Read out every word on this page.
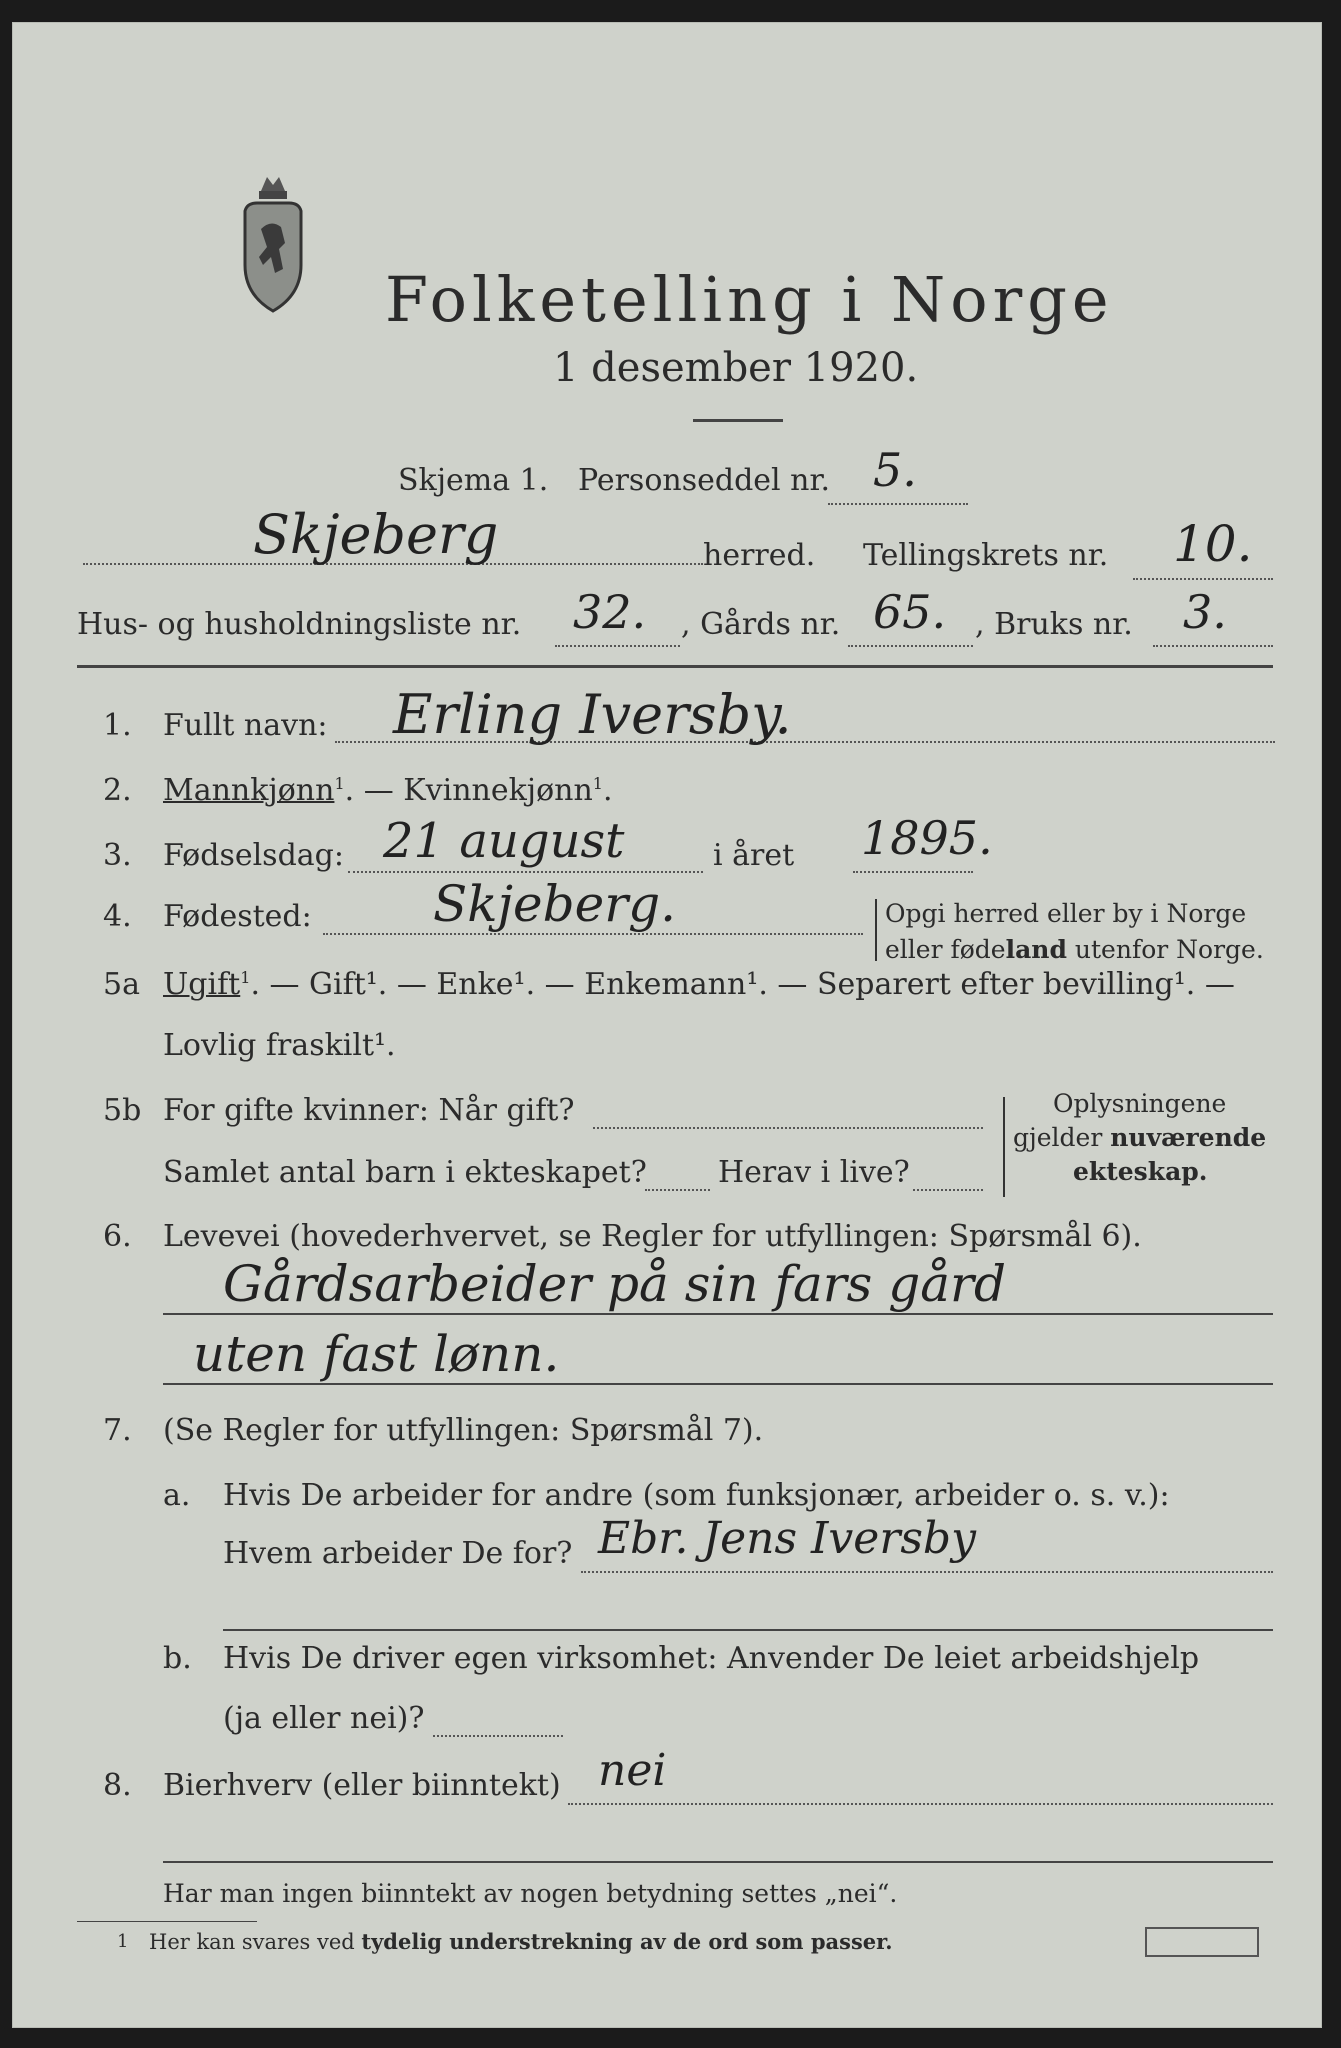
Folketelling i Norge
1 desember 1920.
Skjema 1. Personseddel nr. 5.
Skjeberg	herred. Tellingskrets nr. 10.
Hus- og husholdningsliste nr. 32. , Gårds nr. 65. , Bruks nr. 3.
1. Fullt navn: Erling Iversby.
2. Mannkjønn$^1$. — Kvinnekjønn$^1$.
3. Fødselsdag: 21 august	i året 1895.
4. Fødested: Skjeberg.	Opgi herred eller by i Norge
eller fødeland utenfor Norge.
5a Ugift$^1$. — Gift¹. — Enke¹. — Enkemann¹. — Separert efter bevilling¹. —
Lovlig fraskilt¹.
5b For gifte kvinner: Når gift?
Samlet antal barn i ekteskapet? Herav i live?
Oplysningene
gjelder nuværende
ekteskap.
6. Levevei (hovederhvervet, se Regler for utfyllingen: Spørsmål 6).
Gårdsarbeider på sin fars gård
uten fast lønn.
7. (Se Regler for utfyllingen: Spørsmål 7).
a. Hvis De arbeider for andre (som funksjonær, arbeider o. s. v.):
Hvem arbeider De for? Ebr. Jens Iversby
b. Hvis De driver egen virksomhet: Anvender De leiet arbeidshjelp
(ja eller nei)?
8. Bierhverv (eller biinntekt) nei
Har man ingen biinntekt av nogen betydning settes „nei“.
1 Her kan svares ved tydelig understrekning av de ord som passer.
